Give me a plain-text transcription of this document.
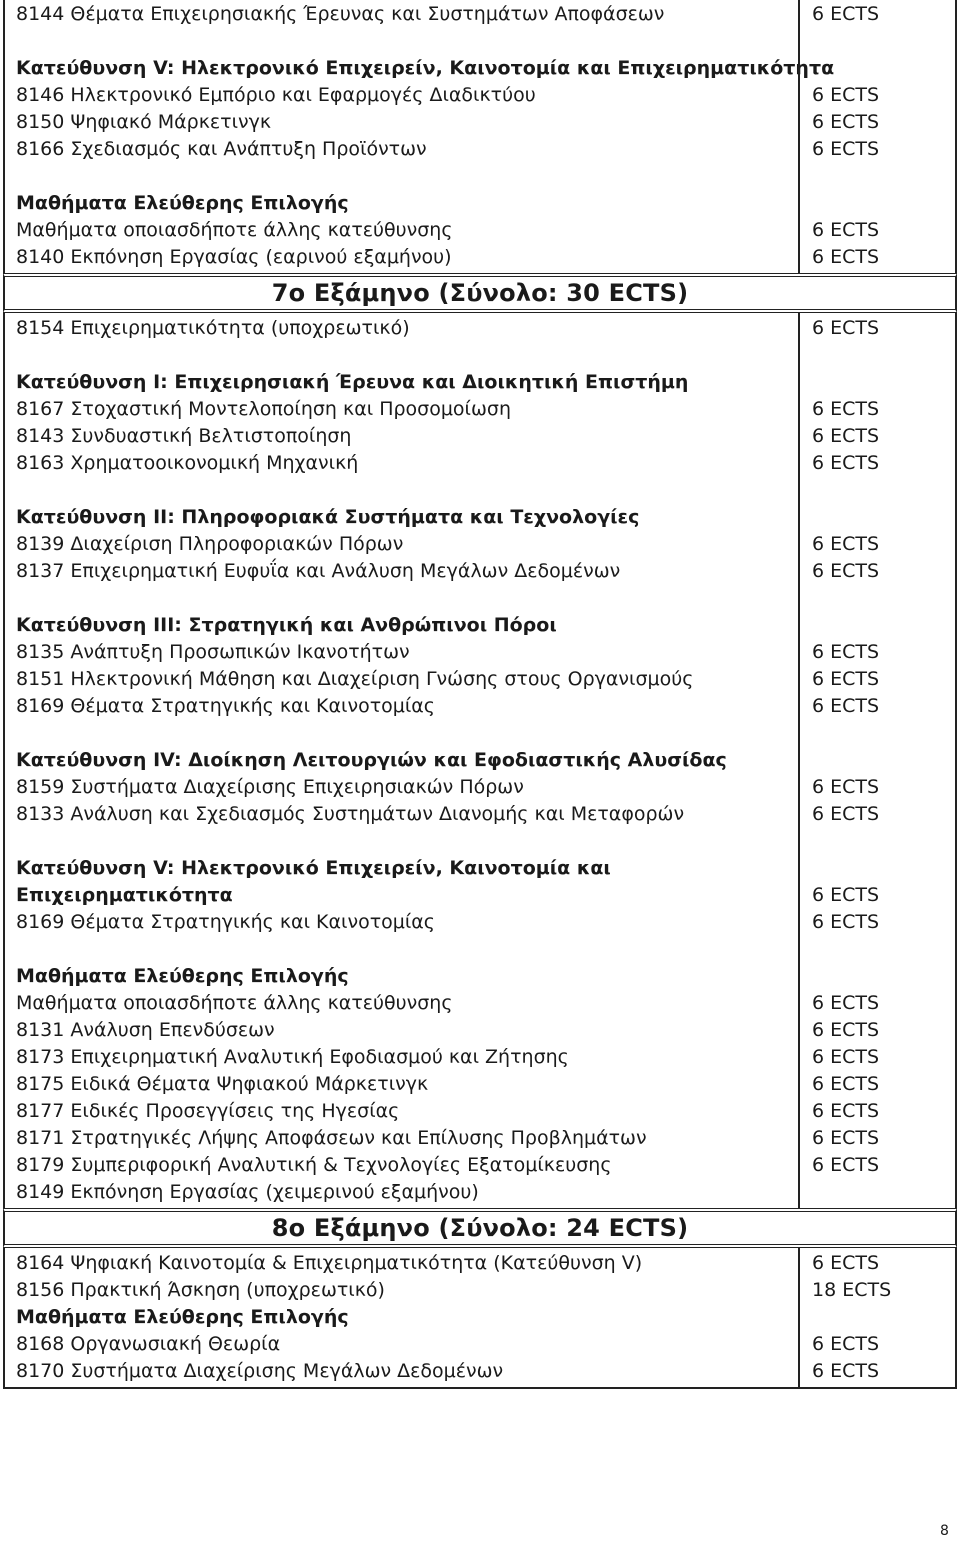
8144 Θέματα Επιχειρησιακής Έρευνας και Συστημάτων Αποφάσεων	6 ECTS
Κατεύθυνση V: Ηλεκτρονικό Επιχειρείν, Καινοτομία και Επιχειρηματικότητα
8146 Ηλεκτρονικό Εμπόριο και Εφαρμογές Διαδικτύου	6 ECTS
8150 Ψηφιακό Μάρκετινγκ	6 ECTS
8166 Σχεδιασμός και Ανάπτυξη Προϊόντων	6 ECTS
Μαθήματα Ελεύθερης Επιλογής
Μαθήματα οποιασδήποτε άλλης κατεύθυνσης	6 ECTS
8140 Εκπόνηση Εργασίας (εαρινού εξαμήνου)	6 ECTS
7ο Εξάμηνο (Σύνολο: 30 ECTS)
8154 Επιχειρηματικότητα (υποχρεωτικό)	6 ECTS
Κατεύθυνση Ι: Επιχειρησιακή Έρευνα και Διοικητική Επιστήμη
8167 Στοχαστική Μοντελοποίηση και Προσομοίωση	6 ECTS
8143 Συνδυαστική Βελτιστοποίηση	6 ECTS
8163 Χρηματοοικονομική Μηχανική	6 ECTS
Κατεύθυνση ΙΙ: Πληροφοριακά Συστήματα και Τεχνολογίες
8139 Διαχείριση Πληροφοριακών Πόρων	6 ECTS
8137 Επιχειρηματική Ευφυΐα και Ανάλυση Μεγάλων Δεδομένων	6 ECTS
Κατεύθυνση ΙΙΙ: Στρατηγική και Ανθρώπινοι Πόροι
8135 Ανάπτυξη Προσωπικών Ικανοτήτων	6 ECTS
8151 Ηλεκτρονική Μάθηση και Διαχείριση Γνώσης στους Οργανισμούς	6 ECTS
8169 Θέματα Στρατηγικής και Καινοτομίας	6 ECTS
Κατεύθυνση ΙV: Διοίκηση Λειτουργιών και Εφοδιαστικής Αλυσίδας
8159 Συστήματα Διαχείρισης Επιχειρησιακών Πόρων	6 ECTS
8133 Ανάλυση και Σχεδιασμός Συστημάτων Διανομής και Μεταφορών	6 ECTS
Κατεύθυνση V: Ηλεκτρονικό Επιχειρείν, Καινοτομία και
Επιχειρηματικότητα	6 ECTS
8169 Θέματα Στρατηγικής και Καινοτομίας	6 ECTS
Μαθήματα Ελεύθερης Επιλογής
Μαθήματα οποιασδήποτε άλλης κατεύθυνσης	6 ECTS
8131 Ανάλυση Επενδύσεων	6 ECTS
8173 Επιχειρηματική Αναλυτική Εφοδιασμού και Ζήτησης	6 ECTS
8175 Ειδικά Θέματα Ψηφιακού Μάρκετινγκ	6 ECTS
8177 Ειδικές Προσεγγίσεις της Ηγεσίας	6 ECTS
8171 Στρατηγικές Λήψης Αποφάσεων και Επίλυσης Προβλημάτων	6 ECTS
8179 Συμπεριφορική Αναλυτική & Τεχνολογίες Εξατομίκευσης	6 ECTS
8149 Εκπόνηση Εργασίας (χειμερινού εξαμήνου)
8ο Εξάμηνο (Σύνολο: 24 ECTS)
8164 Ψηφιακή Καινοτομία & Επιχειρηματικότητα (Κατεύθυνση V)	6 ECTS
8156 Πρακτική Άσκηση (υποχρεωτικό)	18 ECTS
Μαθήματα Ελεύθερης Επιλογής
8168 Οργανωσιακή Θεωρία	6 ECTS
8170 Συστήματα Διαχείρισης Μεγάλων Δεδομένων	6 ECTS
8
